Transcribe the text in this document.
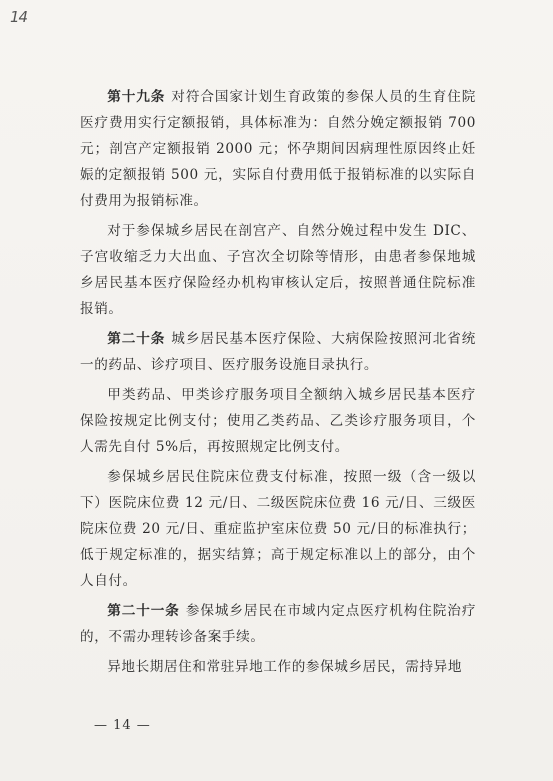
14

第十九条 对符合国家计划生育政策的参保人员的生育住院医疗费用实行定额报销，具体标准为：自然分娩定额报销 700 元；剖宫产定额报销 2000 元；怀孕期间因病理性原因终止妊娠的定额报销 500 元，实际自付费用低于报销标准的以实际自付费用为报销标准。

对于参保城乡居民在剖宫产、自然分娩过程中发生 DIC、子宫收缩乏力大出血、子宫次全切除等情形，由患者参保地城乡居民基本医疗保险经办机构审核认定后，按照普通住院标准报销。

第二十条 城乡居民基本医疗保险、大病保险按照河北省统一的药品、诊疗项目、医疗服务设施目录执行。

甲类药品、甲类诊疗服务项目全额纳入城乡居民基本医疗保险按规定比例支付；使用乙类药品、乙类诊疗服务项目，个人需先自付 5%后，再按照规定比例支付。

参保城乡居民住院床位费支付标准，按照一级（含一级以下）医院床位费 12 元/日、二级医院床位费 16 元/日、三级医院床位费 20 元/日、重症监护室床位费 50 元/日的标准执行；低于规定标准的，据实结算；高于规定标准以上的部分，由个人自付。

第二十一条 参保城乡居民在市域内定点医疗机构住院治疗的，不需办理转诊备案手续。

异地长期居住和常驻异地工作的参保城乡居民，需持异地

— 14 —
